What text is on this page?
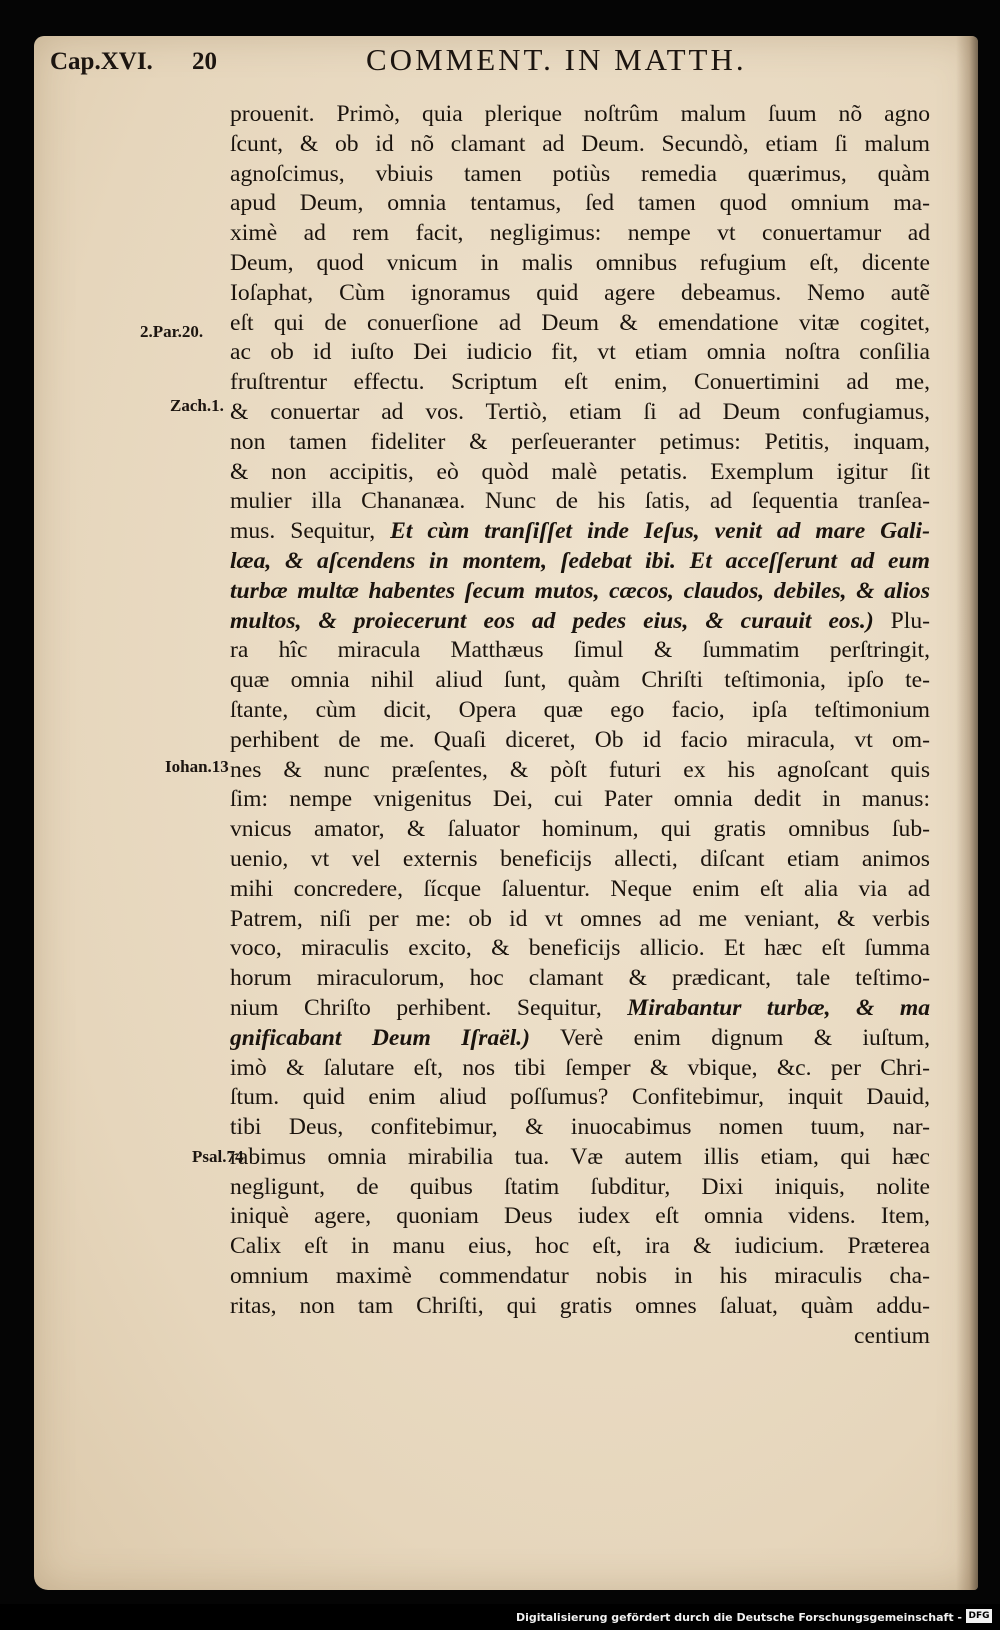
Cap.XVI. 20	COMMENT. IN MATTH.
2.Par.20.
Zach.1.
Iohan.13
Psal.74
prouenit. Primò, quia plerique noſtrûm malum ſuum nõ agno
ſcunt, & ob id nõ clamant ad Deum. Secundò, etiam ſi malum
agnoſcimus, vbiuis tamen potiùs remedia quærimus, quàm
apud Deum, omnia tentamus, ſed tamen quod omnium ma-
ximè ad rem facit, negligimus: nempe vt conuertamur ad
Deum, quod vnicum in malis omnibus refugium eſt, dicente
Ioſaphat, Cùm ignoramus quid agere debeamus. Nemo autẽ
eſt qui de conuerſione ad Deum & emendatione vitæ cogitet,
ac ob id iuſto Dei iudicio fit, vt etiam omnia noſtra conſilia
fruſtrentur effectu. Scriptum eſt enim, Conuertimini ad me,
& conuertar ad vos. Tertiò, etiam ſi ad Deum confugiamus,
non tamen fideliter & perſeueranter petimus: Petitis, inquam,
& non accipitis, eò quòd malè petatis. Exemplum igitur ſit
mulier illa Chananæa. Nunc de his ſatis, ad ſequentia tranſea-
mus. Sequitur, Et cùm tranſiſſet inde Ieſus, venit ad mare Gali-
læa, & aſcendens in montem, ſedebat ibi. Et acceſſerunt ad eum
turbæ multæ habentes ſecum mutos, cæcos, claudos, debiles, & alios
multos, & proiecerunt eos ad pedes eius, & curauit eos.) Plu-
ra hîc miracula Matthæus ſimul & ſummatim perſtringit,
quæ omnia nihil aliud ſunt, quàm Chriſti teſtimonia, ipſo te-
ſtante, cùm dicit, Opera quæ ego facio, ipſa teſtimonium
perhibent de me. Quaſi diceret, Ob id facio miracula, vt om-
nes & nunc præſentes, & pòſt futuri ex his agnoſcant quis
ſim: nempe vnigenitus Dei, cui Pater omnia dedit in manus:
vnicus amator, & ſaluator hominum, qui gratis omnibus ſub-
uenio, vt vel externis beneficijs allecti, diſcant etiam animos
mihi concredere, ſícque ſaluentur. Neque enim eſt alia via ad
Patrem, niſi per me: ob id vt omnes ad me veniant, & verbis
voco, miraculis excito, & beneficijs allicio. Et hæc eſt ſumma
horum miraculorum, hoc clamant & prædicant, tale teſtimo-
nium Chriſto perhibent. Sequitur, Mirabantur turbæ, & ma
gnificabant Deum Iſraël.) Verè enim dignum & iuſtum,
imò & ſalutare eſt, nos tibi ſemper & vbique, &c. per Chri-
ſtum. quid enim aliud poſſumus? Confitebimur, inquit Dauid,
tibi Deus, confitebimur, & inuocabimus nomen tuum, nar-
rabimus omnia mirabilia tua. Væ autem illis etiam, qui hæc
negligunt, de quibus ſtatim ſubditur, Dixi iniquis, nolite
iniquè agere, quoniam Deus iudex eſt omnia videns. Item,
Calix eſt in manu eius, hoc eſt, ira & iudicium. Præterea
omnium maximè commendatur nobis in his miraculis cha-
ritas, non tam Chriſti, qui gratis omnes ſaluat, quàm addu-
centium
Digitalisierung gefördert durch die Deutsche Forschungsgemeinschaft - DFG
